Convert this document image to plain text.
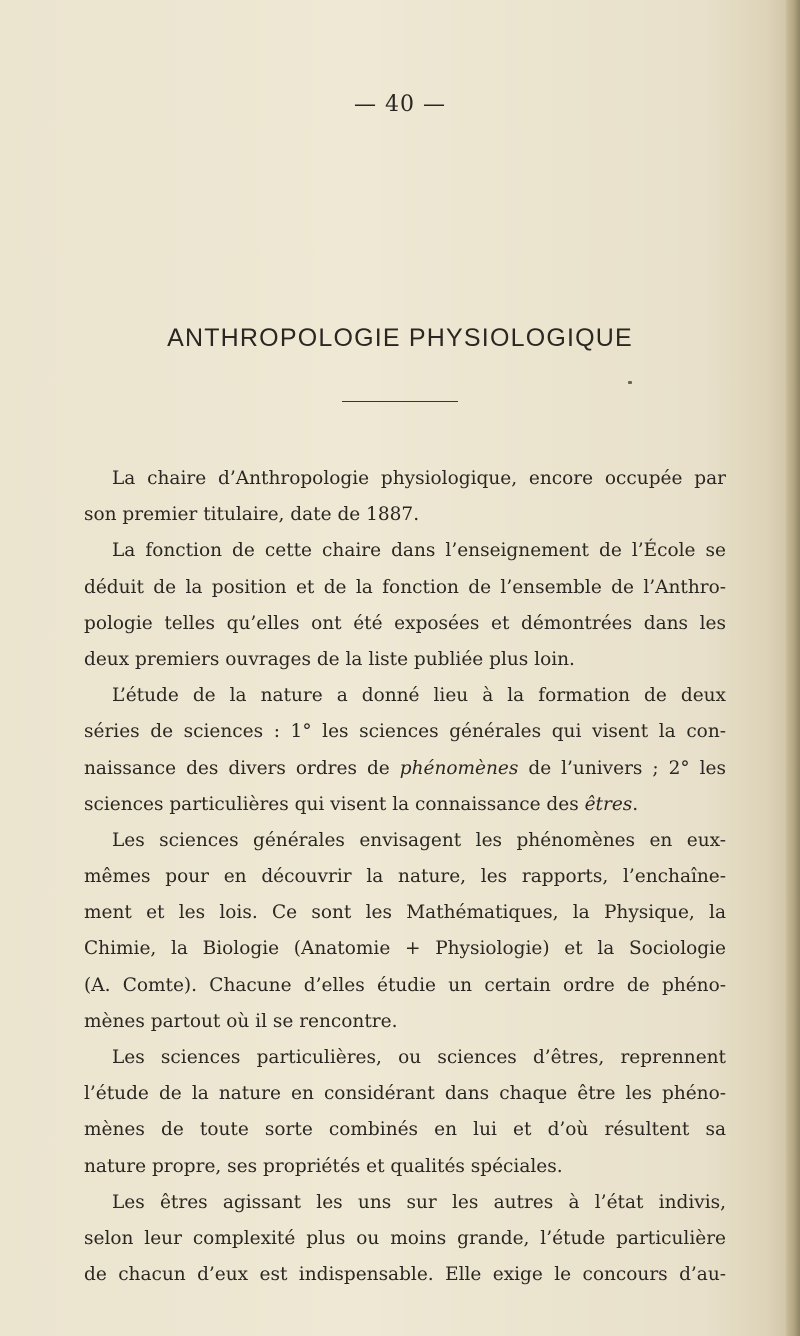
— 40 —
ANTHROPOLOGIE PHYSIOLOGIQUE
La chaire d’Anthropologie physiologique, encore occupée par
son premier titulaire, date de 1887.
La fonction de cette chaire dans l’enseignement de l’École se
déduit de la position et de la fonction de l’ensemble de l’Anthro-
pologie telles qu’elles ont été exposées et démontrées dans les
deux premiers ouvrages de la liste publiée plus loin.
L’étude de la nature a donné lieu à la formation de deux
séries de sciences : 1° les sciences générales qui visent la con-
naissance des divers ordres de phénomènes de l’univers ; 2° les
sciences particulières qui visent la connaissance des êtres.
Les sciences générales envisagent les phénomènes en eux-
mêmes pour en découvrir la nature, les rapports, l’enchaîne-
ment et les lois. Ce sont les Mathématiques, la Physique, la
Chimie, la Biologie (Anatomie + Physiologie) et la Sociologie
(A. Comte). Chacune d’elles étudie un certain ordre de phéno-
mènes partout où il se rencontre.
Les sciences particulières, ou sciences d’êtres, reprennent
l’étude de la nature en considérant dans chaque être les phéno-
mènes de toute sorte combinés en lui et d’où résultent sa
nature propre, ses propriétés et qualités spéciales.
Les êtres agissant les uns sur les autres à l’état indivis,
selon leur complexité plus ou moins grande, l’étude particulière
de chacun d’eux est indispensable. Elle exige le concours d’au-
